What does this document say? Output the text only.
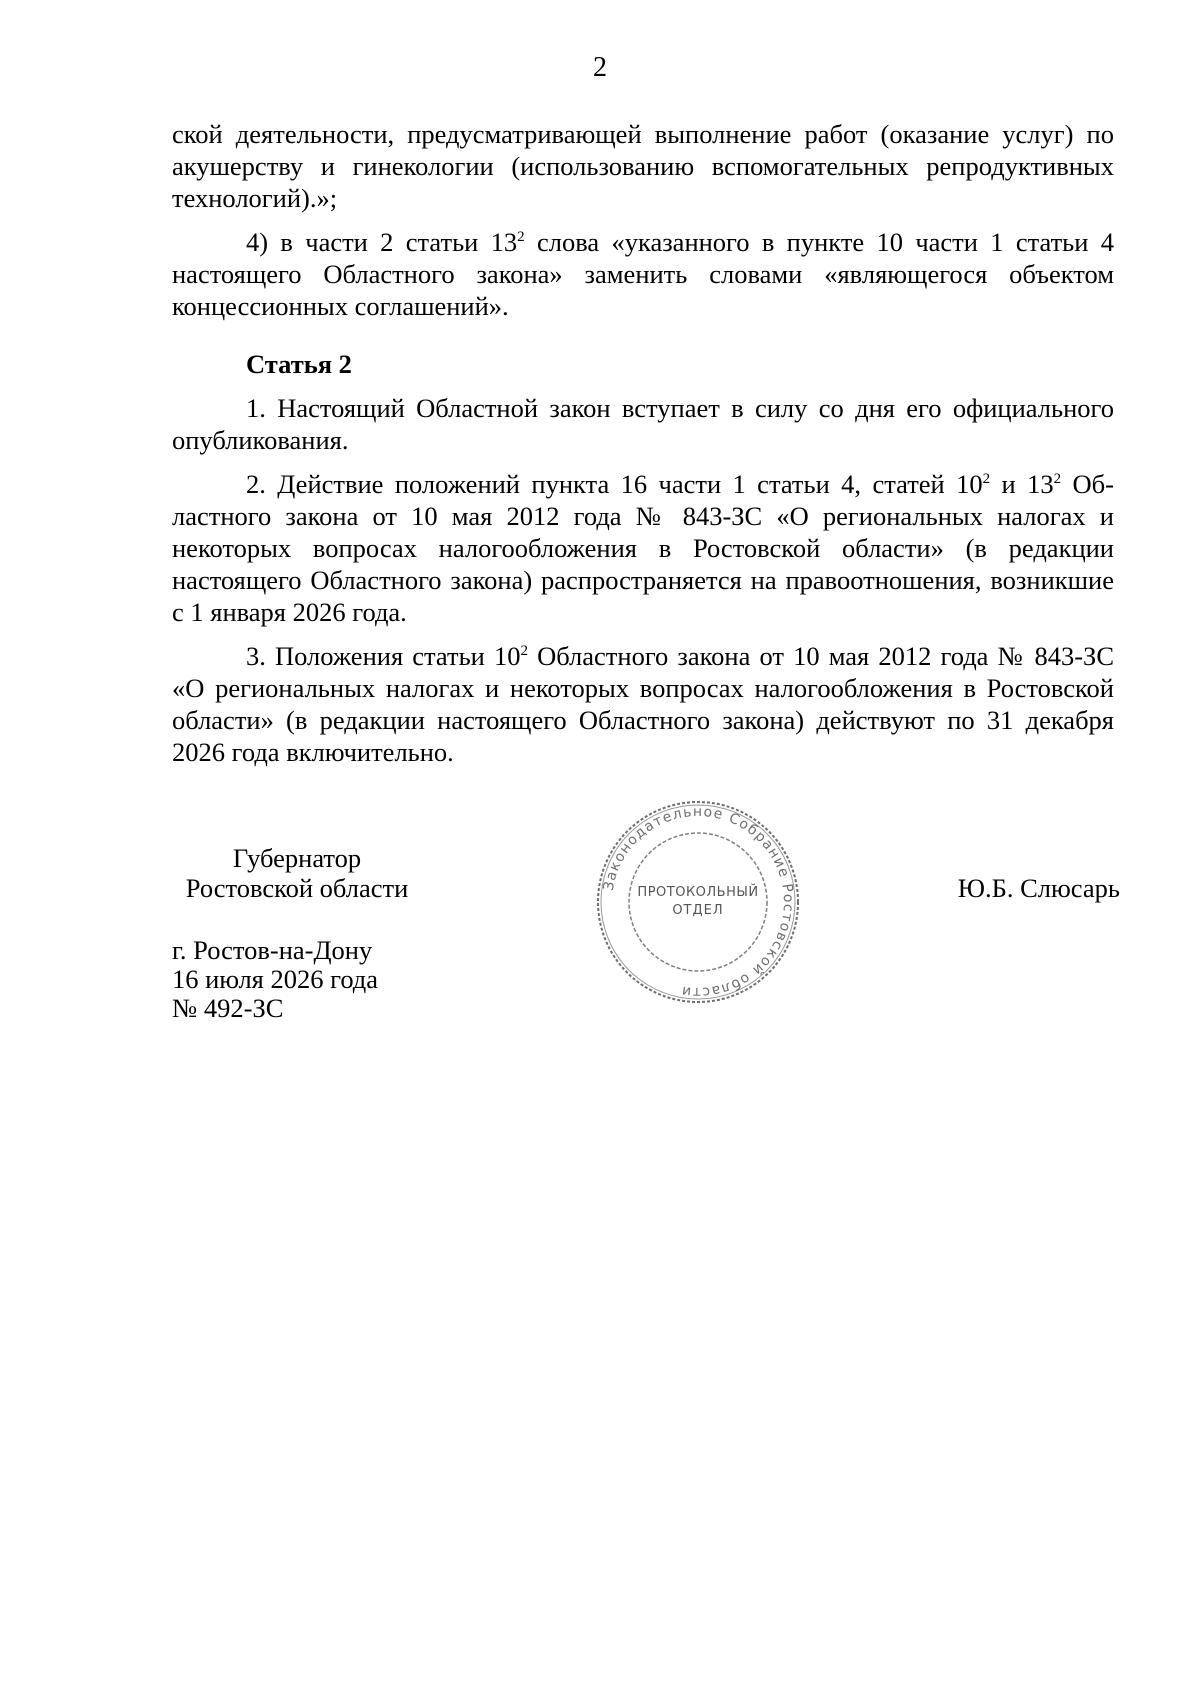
2

ской деятельности, предусматривающей выполнение работ (оказание услуг) по акушерству и гинекологии (использованию вспомогательных репродуктивных технологий).»;

4) в части 2 статьи $13^2$ слова «указанного в пункте 10 части 1 статьи 4 настоящего Областного закона» заменить словами «являющегося объектом концессионных соглашений».

Статья 2

1. Настоящий Областной закон вступает в силу со дня его официального опубликования.

2. Действие положений пункта 16 части 1 статьи 4, статей $10^2$ и $13^2$ Областного закона от 10 мая 2012 года № 843-ЗС «О региональных налогах и некоторых вопросах налогообложения в Ростовской области» (в редакции настоящего Областного закона) распространяется на правоотношения, возникшие с 1 января 2026 года.

3. Положения статьи $10^2$ Областного закона от 10 мая 2012 года № 843-ЗС «О региональных налогах и некоторых вопросах налогообложения в Ростовской области» (в редакции настоящего Областного закона) действуют по 31 декабря 2026 года включительно.

Губернатор
Ростовской области	Ю.Б. Слюсарь
г. Ростов-на-Дону
16 июля 2026 года
№ 492-ЗС
Законодательное Собрание Ростовской области
ПРОТОКОЛЬНЫЙ
ОТДЕЛ
